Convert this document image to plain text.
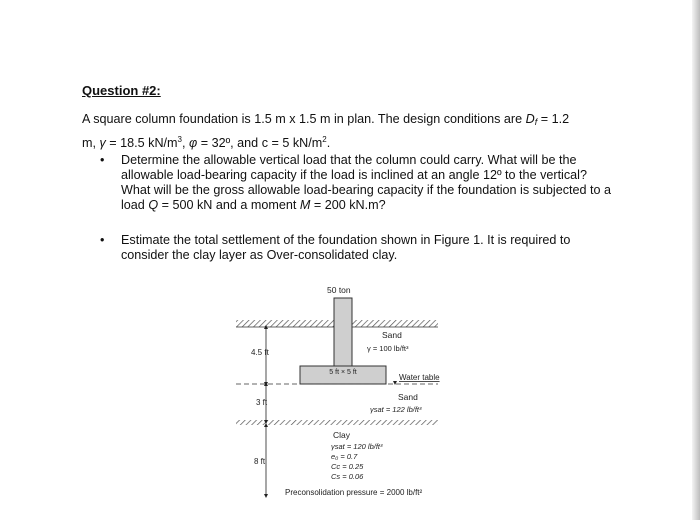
Question #2:
A square column foundation is 1.5 m x 1.5 m in plan. The design conditions are $D_f = 1.2$
m, γ = 18.5 $kN/m^3$, φ = 32º, and c = 5 $kN/m^2$.
• Determine the allowable vertical load that the column could carry. What will be the allowable load-bearing capacity if the load is inclined at an angle 12º to the vertical? What will be the gross allowable load-bearing capacity if the foundation is subjected to a load Q = 500 kN and a moment M = 200 kN.m?
• Estimate the total settlement of the foundation shown in Figure 1. It is required to consider the clay layer as Over-consolidated clay.
50 ton
5 ft × 5 ft
Sand
γ = 100 lb/ft³
Water table
Sand
γsat = 122 lb/ft³
Clay
γsat = 120 lb/ft³
e₀ = 0.7
Cc = 0.25
Cs = 0.06
Preconsolidation pressure = 2000 lb/ft²
4.5 ft
3 ft
8 ft
